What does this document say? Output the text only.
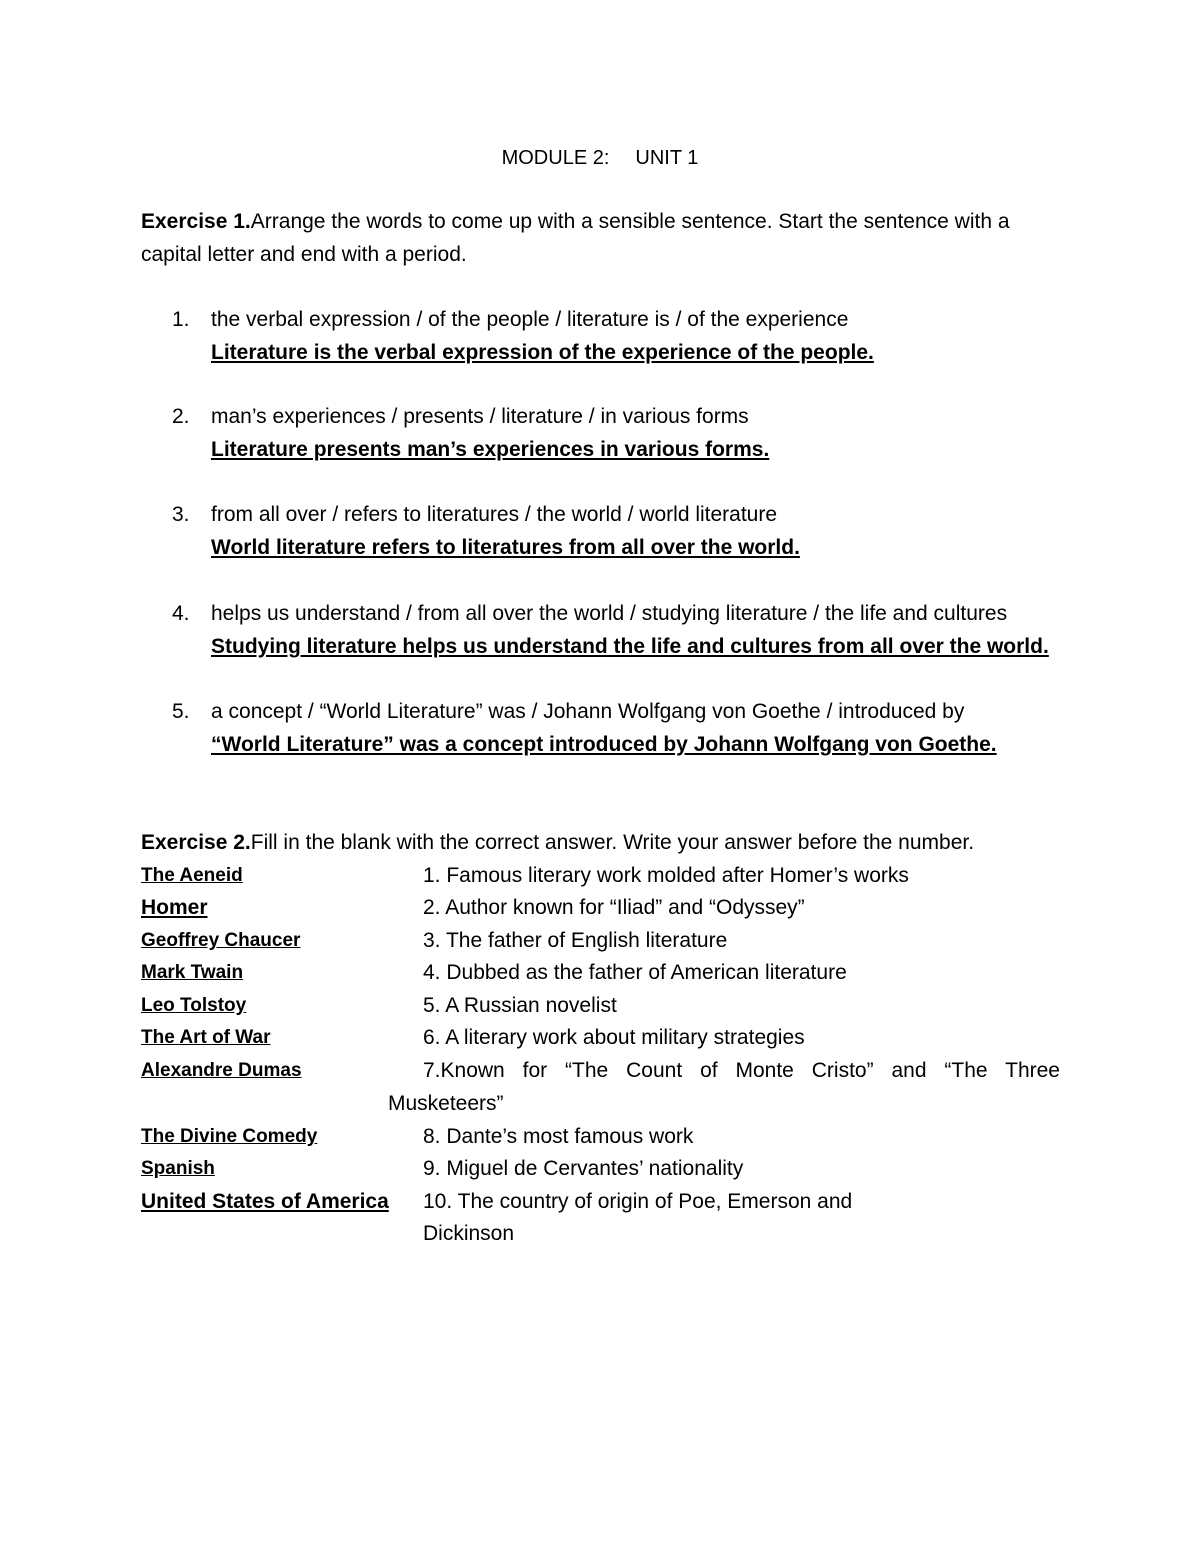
MODULE 2: UNIT 1
Exercise 1.Arrange the words to come up with a sensible sentence. Start the sentence with a capital letter and end with a period.
1. the verbal expression / of the people / literature is / of the experience
Literature is the verbal expression of the experience of the people.
2. man’s experiences / presents / literature / in various forms
Literature presents man’s experiences in various forms.
3. from all over / refers to literatures / the world / world literature
World literature refers to literatures from all over the world.
4. helps us understand / from all over the world / studying literature / the life and cultures
Studying literature helps us understand the life and cultures from all over the world.
5. a concept / “World Literature” was / Johann Wolfgang von Goethe / introduced by
“World Literature” was a concept introduced by Johann Wolfgang von Goethe.
Exercise 2.Fill in the blank with the correct answer. Write your answer before the number.
The Aeneid	1. Famous literary work molded after Homer’s works
Homer	2. Author known for “Iliad” and “Odyssey”
Geoffrey Chaucer	3. The father of English literature
Mark Twain	4. Dubbed as the father of American literature
Leo Tolstoy	5. A Russian novelist
The Art of War	6. A literary work about military strategies
Alexandre Dumas	7.Known for “The Count of Monte Cristo” and “The Three
Musketeers”
The Divine Comedy	8. Dante’s most famous work
Spanish	9. Miguel de Cervantes’ nationality
United States of America 10. The country of origin of Poe, Emerson and
Dickinson
